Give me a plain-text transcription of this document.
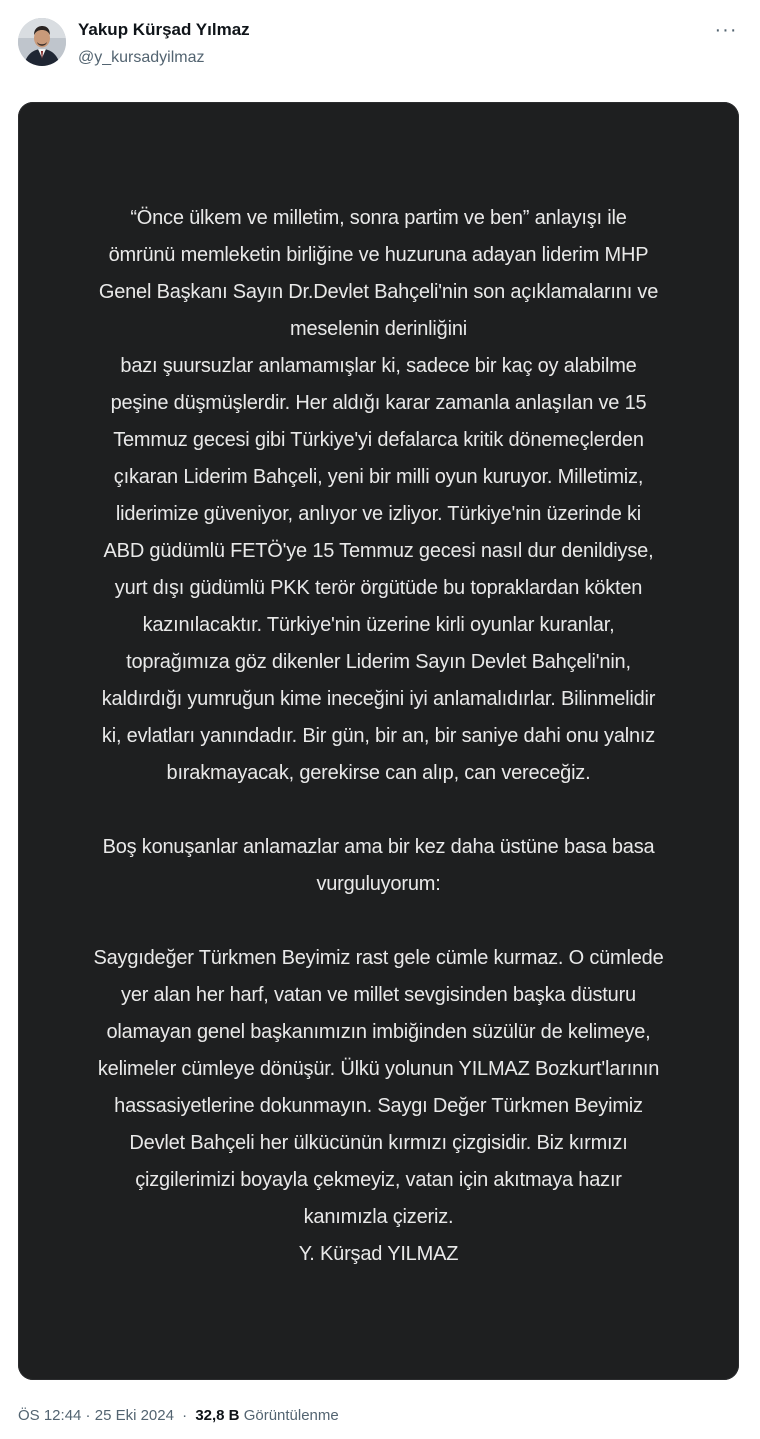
Yakup Kürşad Yılmaz
@y_kursadyilmaz
···
“Önce ülkem ve milletim, sonra partim ve ben” anlayışı ile
ömrünü memleketin birliğine ve huzuruna adayan liderim MHP
Genel Başkanı Sayın Dr.Devlet Bahçeli'nin son açıklamalarını ve
meselenin derinliğini
bazı şuursuzlar anlamamışlar ki, sadece bir kaç oy alabilme
peşine düşmüşlerdir. Her aldığı karar zamanla anlaşılan ve 15
Temmuz gecesi gibi Türkiye'yi defalarca kritik dönemeçlerden
çıkaran Liderim Bahçeli, yeni bir milli oyun kuruyor. Milletimiz,
liderimize güveniyor, anlıyor ve izliyor. Türkiye'nin üzerinde ki
ABD güdümlü FETÖ'ye 15 Temmuz gecesi nasıl dur denildiyse,
yurt dışı güdümlü PKK terör örgütüde bu topraklardan kökten
kazınılacaktır. Türkiye'nin üzerine kirli oyunlar kuranlar,
toprağımıza göz dikenler Liderim Sayın Devlet Bahçeli'nin,
kaldırdığı yumruğun kime ineceğini iyi anlamalıdırlar. Bilinmelidir
ki, evlatları yanındadır. Bir gün, bir an, bir saniye dahi onu yalnız
bırakmayacak, gerekirse can alıp, can vereceğiz.
Boş konuşanlar anlamazlar ama bir kez daha üstüne basa basa
vurguluyorum:
Saygıdeğer Türkmen Beyimiz rast gele cümle kurmaz. O cümlede
yer alan her harf, vatan ve millet sevgisinden başka düsturu
olamayan genel başkanımızın imbiğinden süzülür de kelimeye,
kelimeler cümleye dönüşür. Ülkü yolunun YILMAZ Bozkurt'larının
hassasiyetlerine dokunmayın. Saygı Değer Türkmen Beyimiz
Devlet Bahçeli her ülkücünün kırmızı çizgisidir. Biz kırmızı
çizgilerimizi boyayla çekmeyiz, vatan için akıtmaya hazır
kanımızla çizeriz.
Y. Kürşad YILMAZ
ÖS 12:44 · 25 Eki 2024 · 32,8 B Görüntülenme
